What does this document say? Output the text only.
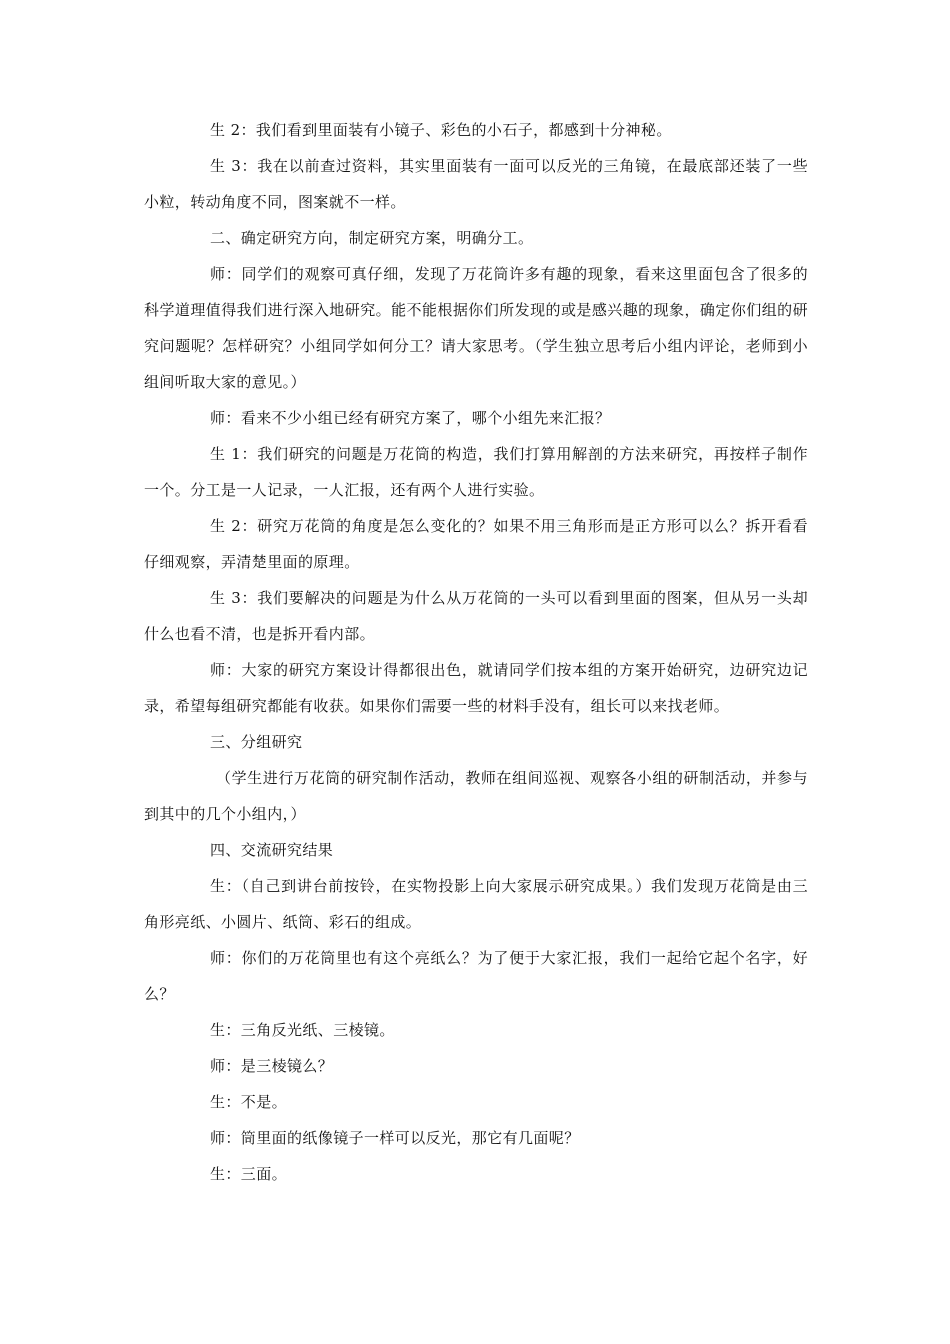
生 2：我们看到里面装有小镜子、彩色的小石子，都感到十分神秘。

生 3：我在以前查过资料，其实里面装有一面可以反光的三角镜，在最底部还装了一些小粒，转动角度不同，图案就不一样。

二、确定研究方向，制定研究方案，明确分工。

师：同学们的观察可真仔细，发现了万花筒许多有趣的现象，看来这里面包含了很多的科学道理值得我们进行深入地研究。能不能根据你们所发现的或是感兴趣的现象，确定你们组的研究问题呢？怎样研究？小组同学如何分工？请大家思考。（学生独立思考后小组内评论，老师到小组间听取大家的意见。）

师：看来不少小组已经有研究方案了，哪个小组先来汇报？

生 1：我们研究的问题是万花筒的构造，我们打算用解剖的方法来研究，再按样子制作一个。分工是一人记录，一人汇报，还有两个人进行实验。

生 2：研究万花筒的角度是怎么变化的？如果不用三角形而是正方形可以么？拆开看看仔细观察，弄清楚里面的原理。

生 3：我们要解决的问题是为什么从万花筒的一头可以看到里面的图案，但从另一头却什么也看不清，也是拆开看内部。

师：大家的研究方案设计得都很出色，就请同学们按本组的方案开始研究，边研究边记录，希望每组研究都能有收获。如果你们需要一些的材料手没有，组长可以来找老师。

三、分组研究

（学生进行万花筒的研究制作活动，教师在组间巡视、观察各小组的研制活动，并参与到其中的几个小组内，）

四、交流研究结果

生：（自己到讲台前按铃，在实物投影上向大家展示研究成果。）我们发现万花筒是由三角形亮纸、小圆片、纸筒、彩石的组成。

师：你们的万花筒里也有这个亮纸么？为了便于大家汇报，我们一起给它起个名字，好么？

生：三角反光纸、三棱镜。

师：是三棱镜么？

生：不是。

师：筒里面的纸像镜子一样可以反光，那它有几面呢？

生：三面。
